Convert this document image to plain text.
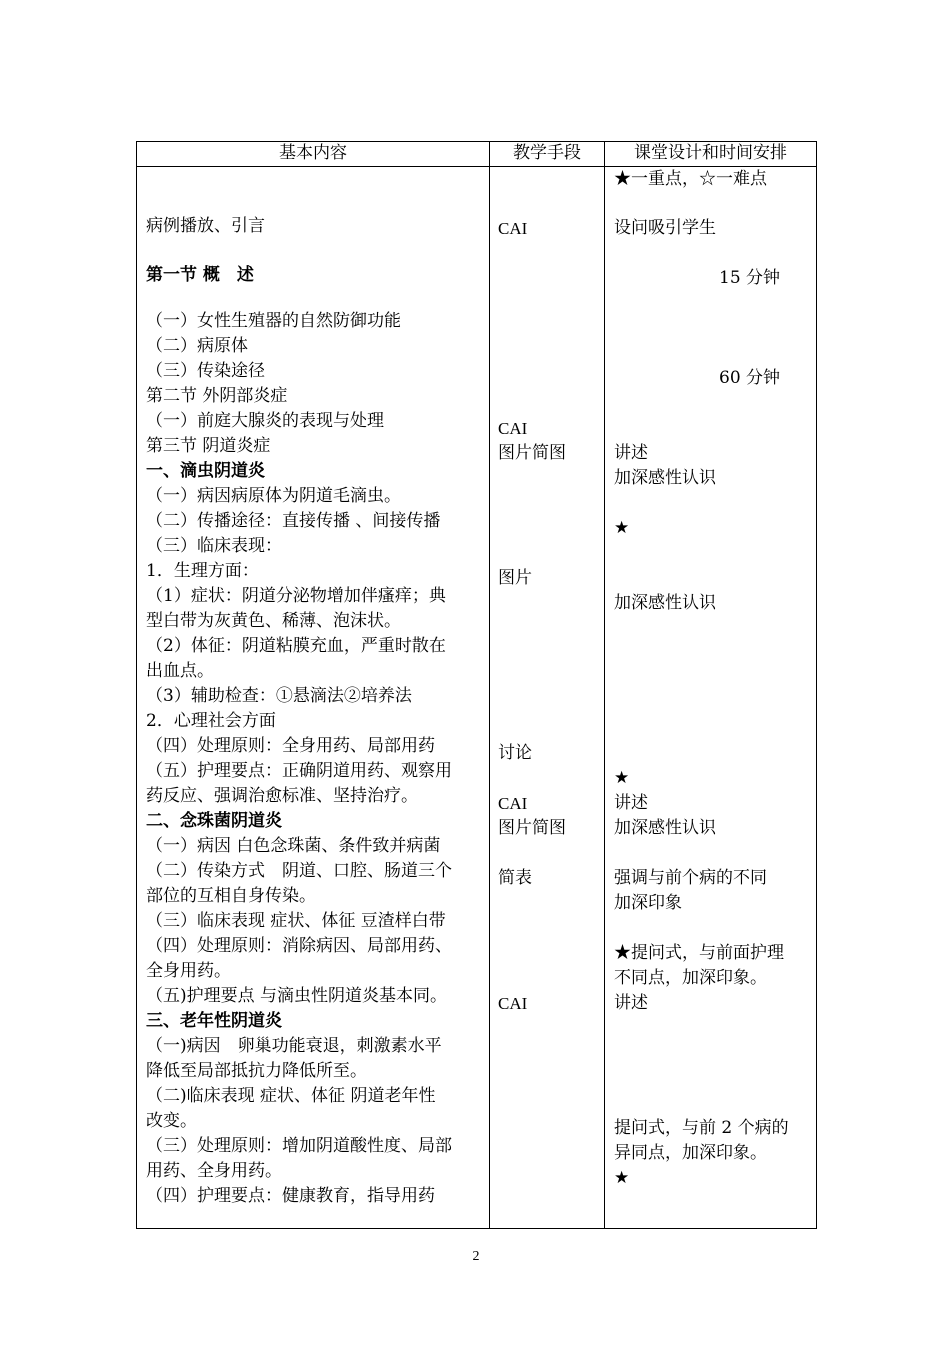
基本内容	教学手段	课堂设计和时间安排
病例播放、引言
第一节 概　述
（一）女性生殖器的自然防御功能
（二）病原体
（三）传染途径
第二节 外阴部炎症
（一）前庭大腺炎的表现与处理
第三节 阴道炎症
一、滴虫阴道炎
（一）病因病原体为阴道毛滴虫。
（二）传播途径：直接传播 、间接传播
（三）临床表现：
1．生理方面：
（1）症状：阴道分泌物增加伴瘙痒；典
型白带为灰黄色、稀薄、泡沫状。
（2）体征：阴道粘膜充血，严重时散在
出血点。
（3）辅助检查：①悬滴法②培养法
2．心理社会方面
（四）处理原则：全身用药、局部用药
（五）护理要点：正确阴道用药、观察用
药反应、强调治愈标准、坚持治疗。
二、念珠菌阴道炎
（一）病因 白色念珠菌、条件致并病菌
（二）传染方式　阴道、口腔、肠道三个
部位的互相自身传染。
（三）临床表现 症状、体征 豆渣样白带
（四）处理原则：消除病因、局部用药、
全身用药。
（五)护理要点 与滴虫性阴道炎基本同。
三、老年性阴道炎
（一)病因　卵巢功能衰退，刺激素水平
降低至局部抵抗力降低所至。
（二)临床表现 症状、体征 阴道老年性
改变。
（三）处理原则：增加阴道酸性度、局部
用药、全身用药。
（四）护理要点：健康教育，指导用药
CAI
CAI
图片简图
图片
讨论
CAI
图片简图
简表
CAI
★一重点，☆一难点
设问吸引学生
15 分钟
60 分钟
讲述
加深感性认识
★
加深感性认识
★
讲述
加深感性认识
强调与前个病的不同
加深印象
★提问式，与前面护理
不同点，加深印象。
讲述
提问式，与前 2 个病的
异同点，加深印象。
★
2
